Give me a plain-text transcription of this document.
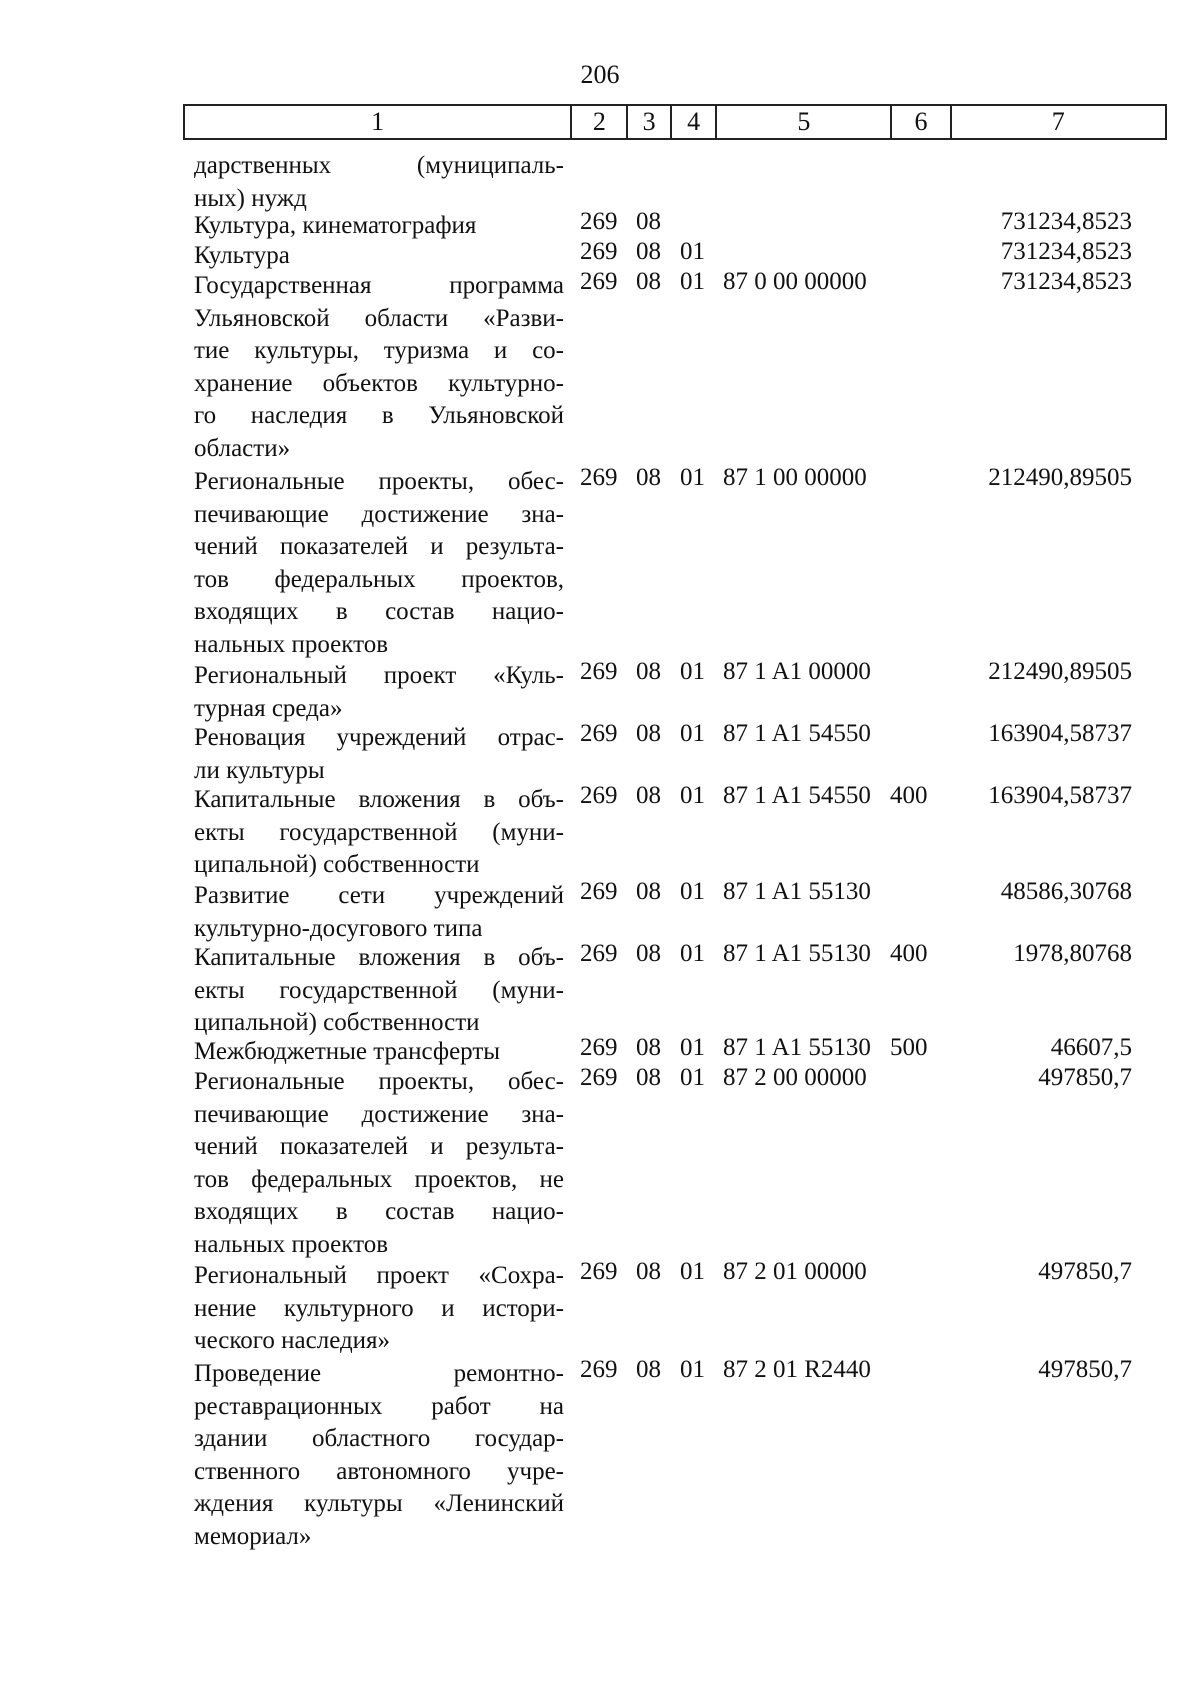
206
1	2	3	4	5	6	7
дарственных (муниципаль-
ных) нужд
Культура, кинематография	269 08	731234,8523
Культура	269 08 01	731234,8523
Государственная программа
Ульяновской области «Разви-
тие культуры, туризма и со-
хранение объектов культурно-
го наследия в Ульяновской
области»
269 08 01 87 0 00 00000	731234,8523
Региональные проекты, обес-
печивающие достижение зна-
чений показателей и результа-
тов федеральных проектов,
входящих в состав нацио-
нальных проектов
269 08 01 87 1 00 00000	212490,89505
Региональный проект «Куль-
турная среда»
269 08 01 87 1 A1 00000	212490,89505
Реновация учреждений отрас-
ли культуры
269 08 01 87 1 A1 54550	163904,58737
Капитальные вложения в объ-
екты государственной (муни-
ципальной) собственности
269 08 01 87 1 A1 54550 400 163904,58737
Развитие сети учреждений
культурно-досугового типа
269 08 01 87 1 A1 55130	48586,30768
Капитальные вложения в объ-
екты государственной (муни-
ципальной) собственности
269 08 01 87 1 A1 55130 400	1978,80768
Межбюджетные трансферты	269 08 01 87 1 A1 55130 500	46607,5
Региональные проекты, обес-
печивающие достижение зна-
чений показателей и результа-
тов федеральных проектов, не
входящих в состав нацио-
нальных проектов
269 08 01 87 2 00 00000	497850,7
Региональный проект «Сохра-
нение культурного и истори-
ческого наследия»
269 08 01 87 2 01 00000	497850,7
Проведение ремонтно-
реставрационных работ на
здании областного государ-
ственного автономного учре-
ждения культуры «Ленинский
мемориал»
269 08 01 87 2 01 R2440	497850,7
